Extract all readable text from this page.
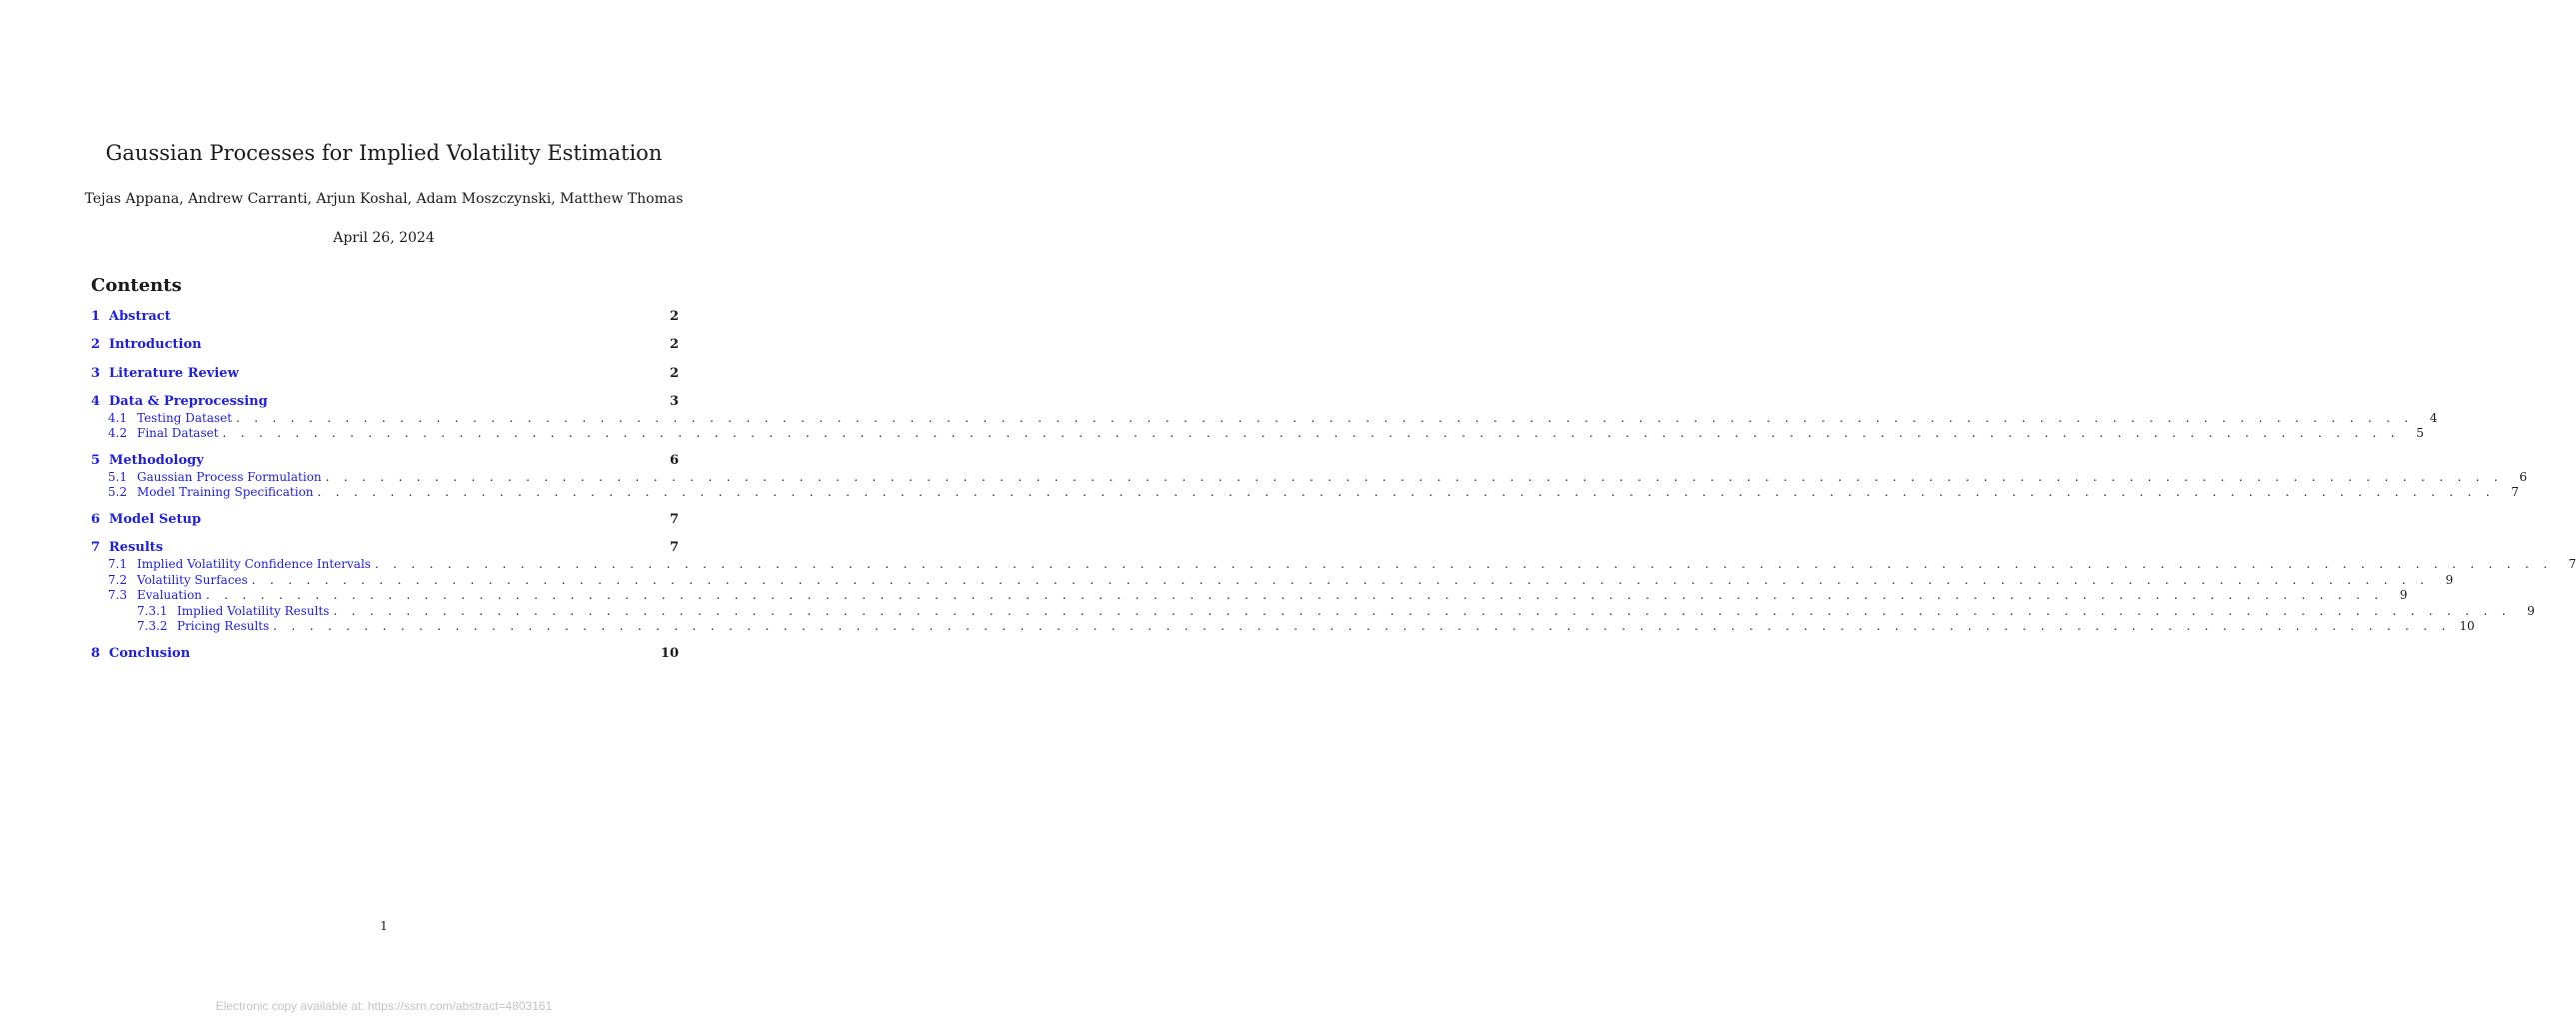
Gaussian Processes for Implied Volatility Estimation
Tejas Appana, Andrew Carranti, Arjun Koshal, Adam Moszczynski, Matthew Thomas
April 26, 2024
Contents
1 Abstract	2
2 Introduction	2
3 Literature Review	2
4 Data & Preprocessing	3
4.1 Testing Dataset . . . . . . . . . . . . . . . . . . . . . . . . . . . . . . . . . . . . . . . . . . . . . . . . . . . . . . . . . . . . . . . . . . . . . . . . . . . . . . . . . . . . . . . . . . . . . . . . . . . . . . . . . . . . . . . . . . . . . . . .	4
4.2 Final Dataset . . . . . . . . . . . . . . . . . . . . . . . . . . . . . . . . . . . . . . . . . . . . . . . . . . . . . . . . . . . . . . . . . . . . . . . . . . . . . . . . . . . . . . . . . . . . . . . . . . . . . . . . . . . . . . . . . . . . . . . .	5
5 Methodology	6
5.1 Gaussian Process Formulation . . . . . . . . . . . . . . . . . . . . . . . . . . . . . . . . . . . . . . . . . . . . . . . . . . . . . . . . . . . . . . . . . . . . . . . . . . . . . . . . . . . . . . . . . . . . . . . . . . . . . . . . . . . . . . . . . . . . . . . .	6
5.2 Model Training Specification . . . . . . . . . . . . . . . . . . . . . . . . . . . . . . . . . . . . . . . . . . . . . . . . . . . . . . . . . . . . . . . . . . . . . . . . . . . . . . . . . . . . . . . . . . . . . . . . . . . . . . . . . . . . . . . . . . . . . . . .	7
6 Model Setup	7
7 Results	7
7.1 Implied Volatility Confidence Intervals . . . . . . . . . . . . . . . . . . . . . . . . . . . . . . . . . . . . . . . . . . . . . . . . . . . . . . . . . . . . . . . . . . . . . . . . . . . . . . . . . . . . . . . . . . . . . . . . . . . . . . . . . . . . . . . . . . . . . . . .	7
7.2 Volatility Surfaces . . . . . . . . . . . . . . . . . . . . . . . . . . . . . . . . . . . . . . . . . . . . . . . . . . . . . . . . . . . . . . . . . . . . . . . . . . . . . . . . . . . . . . . . . . . . . . . . . . . . . . . . . . . . . . . . . . . . . . . .	9
7.3 Evaluation . . . . . . . . . . . . . . . . . . . . . . . . . . . . . . . . . . . . . . . . . . . . . . . . . . . . . . . . . . . . . . . . . . . . . . . . . . . . . . . . . . . . . . . . . . . . . . . . . . . . . . . . . . . . . . . . . . . . . . . .	9
7.3.1 Implied Volatility Results . . . . . . . . . . . . . . . . . . . . . . . . . . . . . . . . . . . . . . . . . . . . . . . . . . . . . . . . . . . . . . . . . . . . . . . . . . . . . . . . . . . . . . . . . . . . . . . . . . . . . . . . . . . . . . . . . . . . . . . .	9
7.3.2 Pricing Results . . . . . . . . . . . . . . . . . . . . . . . . . . . . . . . . . . . . . . . . . . . . . . . . . . . . . . . . . . . . . . . . . . . . . . . . . . . . . . . . . . . . . . . . . . . . . . . . . . . . . . . . . . . . . . . . . . . . . . . . 10
8 Conclusion	10
1
Electronic copy available at: https://ssrn.com/abstract=4803161
